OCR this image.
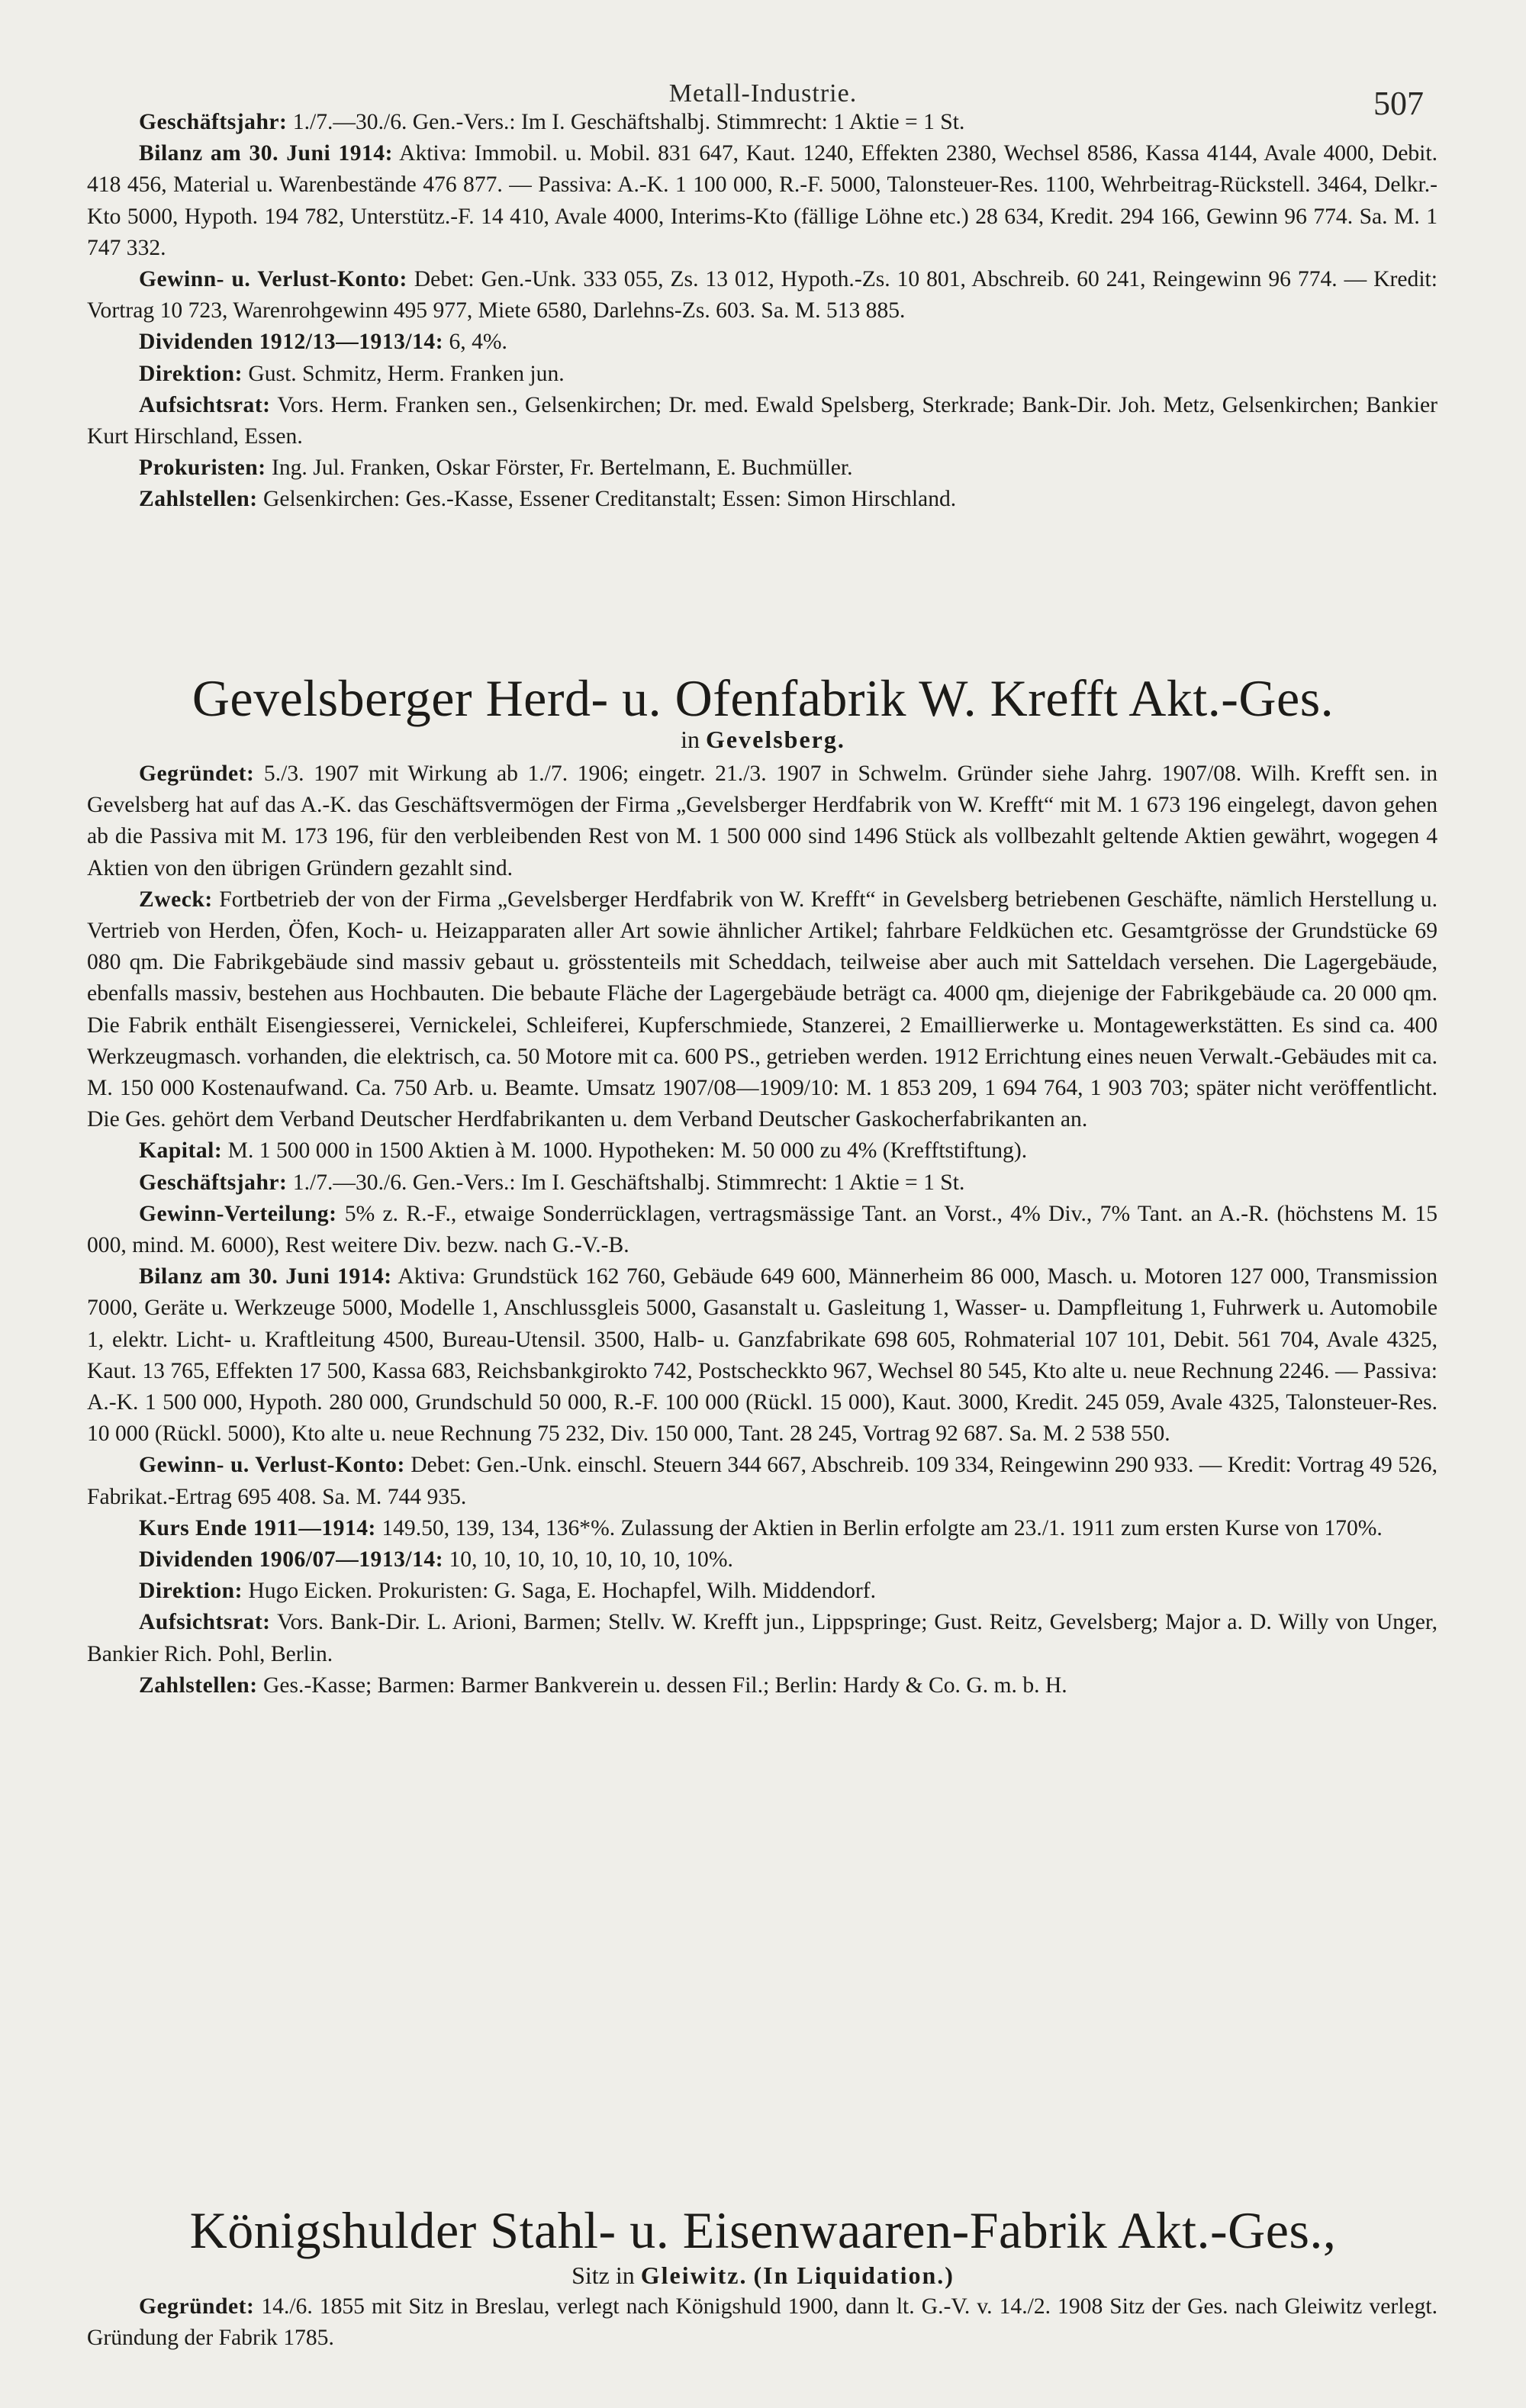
Metall-Industrie.	507

Geschäftsjahr: 1./7.—30./6. Gen.-Vers.: Im I. Geschäftshalbj. Stimmrecht: 1 Aktie = 1 St.

Bilanz am 30. Juni 1914: Aktiva: Immobil. u. Mobil. 831 647, Kaut. 1240, Effekten 2380, Wechsel 8586, Kassa 4144, Avale 4000, Debit. 418 456, Material u. Warenbestände 476 877. — Passiva: A.-K. 1 100 000, R.-F. 5000, Talonsteuer-Res. 1100, Wehrbeitrag-Rückstell. 3464, Delkr.-Kto 5000, Hypoth. 194 782, Unterstütz.-F. 14 410, Avale 4000, Interims-Kto (fällige Löhne etc.) 28 634, Kredit. 294 166, Gewinn 96 774. Sa. M. 1 747 332.

Gewinn- u. Verlust-Konto: Debet: Gen.-Unk. 333 055, Zs. 13 012, Hypoth.-Zs. 10 801, Abschreib. 60 241, Reingewinn 96 774. — Kredit: Vortrag 10 723, Warenrohgewinn 495 977, Miete 6580, Darlehns-Zs. 603. Sa. M. 513 885.

Dividenden 1912/13—1913/14: 6, 4%.

Direktion: Gust. Schmitz, Herm. Franken jun.

Aufsichtsrat: Vors. Herm. Franken sen., Gelsenkirchen; Dr. med. Ewald Spelsberg, Sterkrade; Bank-Dir. Joh. Metz, Gelsenkirchen; Bankier Kurt Hirschland, Essen.

Prokuristen: Ing. Jul. Franken, Oskar Förster, Fr. Bertelmann, E. Buchmüller.

Zahlstellen: Gelsenkirchen: Ges.-Kasse, Essener Creditanstalt; Essen: Simon Hirschland.

Gevelsberger Herd- u. Ofenfabrik W. Krefft Akt.-Ges.
in Gevelsberg.

Gegründet: 5./3. 1907 mit Wirkung ab 1./7. 1906; eingetr. 21./3. 1907 in Schwelm. Gründer siehe Jahrg. 1907/08. Wilh. Krefft sen. in Gevelsberg hat auf das A.-K. das Geschäftsvermögen der Firma „Gevelsberger Herdfabrik von W. Krefft“ mit M. 1 673 196 eingelegt, davon gehen ab die Passiva mit M. 173 196, für den verbleibenden Rest von M. 1 500 000 sind 1496 Stück als vollbezahlt geltende Aktien gewährt, wogegen 4 Aktien von den übrigen Gründern gezahlt sind.

Zweck: Fortbetrieb der von der Firma „Gevelsberger Herdfabrik von W. Krefft“ in Gevelsberg betriebenen Geschäfte, nämlich Herstellung u. Vertrieb von Herden, Öfen, Koch- u. Heizapparaten aller Art sowie ähnlicher Artikel; fahrbare Feldküchen etc. Gesamtgrösse der Grundstücke 69 080 qm. Die Fabrikgebäude sind massiv gebaut u. grösstenteils mit Scheddach, teilweise aber auch mit Satteldach versehen. Die Lagergebäude, ebenfalls massiv, bestehen aus Hochbauten. Die bebaute Fläche der Lagergebäude beträgt ca. 4000 qm, diejenige der Fabrikgebäude ca. 20 000 qm. Die Fabrik enthält Eisengiesserei, Vernickelei, Schleiferei, Kupferschmiede, Stanzerei, 2 Emaillierwerke u. Montagewerkstätten. Es sind ca. 400 Werkzeugmasch. vorhanden, die elektrisch, ca. 50 Motore mit ca. 600 PS., getrieben werden. 1912 Errichtung eines neuen Verwalt.-Gebäudes mit ca. M. 150 000 Kostenaufwand. Ca. 750 Arb. u. Beamte. Umsatz 1907/08—1909/10: M. 1 853 209, 1 694 764, 1 903 703; später nicht veröffentlicht. Die Ges. gehört dem Verband Deutscher Herdfabrikanten u. dem Verband Deutscher Gaskocherfabrikanten an.

Kapital: M. 1 500 000 in 1500 Aktien à M. 1000. Hypotheken: M. 50 000 zu 4% (Krefftstiftung).

Geschäftsjahr: 1./7.—30./6. Gen.-Vers.: Im I. Geschäftshalbj. Stimmrecht: 1 Aktie = 1 St.

Gewinn-Verteilung: 5% z. R.-F., etwaige Sonderrücklagen, vertragsmässige Tant. an Vorst., 4% Div., 7% Tant. an A.-R. (höchstens M. 15 000, mind. M. 6000), Rest weitere Div. bezw. nach G.-V.-B.

Bilanz am 30. Juni 1914: Aktiva: Grundstück 162 760, Gebäude 649 600, Männerheim 86 000, Masch. u. Motoren 127 000, Transmission 7000, Geräte u. Werkzeuge 5000, Modelle 1, Anschlussgleis 5000, Gasanstalt u. Gasleitung 1, Wasser- u. Dampfleitung 1, Fuhrwerk u. Automobile 1, elektr. Licht- u. Kraftleitung 4500, Bureau-Utensil. 3500, Halb- u. Ganzfabrikate 698 605, Rohmaterial 107 101, Debit. 561 704, Avale 4325, Kaut. 13 765, Effekten 17 500, Kassa 683, Reichsbankgirokto 742, Postscheckkto 967, Wechsel 80 545, Kto alte u. neue Rechnung 2246. — Passiva: A.-K. 1 500 000, Hypoth. 280 000, Grundschuld 50 000, R.-F. 100 000 (Rückl. 15 000), Kaut. 3000, Kredit. 245 059, Avale 4325, Talonsteuer-Res. 10 000 (Rückl. 5000), Kto alte u. neue Rechnung 75 232, Div. 150 000, Tant. 28 245, Vortrag 92 687. Sa. M. 2 538 550.

Gewinn- u. Verlust-Konto: Debet: Gen.-Unk. einschl. Steuern 344 667, Abschreib. 109 334, Reingewinn 290 933. — Kredit: Vortrag 49 526, Fabrikat.-Ertrag 695 408. Sa. M. 744 935.

Kurs Ende 1911—1914: 149.50, 139, 134, 136*%. Zulassung der Aktien in Berlin erfolgte am 23./1. 1911 zum ersten Kurse von 170%.

Dividenden 1906/07—1913/14: 10, 10, 10, 10, 10, 10, 10, 10%.

Direktion: Hugo Eicken. Prokuristen: G. Saga, E. Hochapfel, Wilh. Middendorf.

Aufsichtsrat: Vors. Bank-Dir. L. Arioni, Barmen; Stellv. W. Krefft jun., Lippspringe; Gust. Reitz, Gevelsberg; Major a. D. Willy von Unger, Bankier Rich. Pohl, Berlin.

Zahlstellen: Ges.-Kasse; Barmen: Barmer Bankverein u. dessen Fil.; Berlin: Hardy & Co. G. m. b. H.

Königshulder Stahl- u. Eisenwaaren-Fabrik Akt.-Ges.,
Sitz in Gleiwitz. (In Liquidation.)

Gegründet: 14./6. 1855 mit Sitz in Breslau, verlegt nach Königshuld 1900, dann lt. G.-V. v. 14./2. 1908 Sitz der Ges. nach Gleiwitz verlegt. Gründung der Fabrik 1785.
